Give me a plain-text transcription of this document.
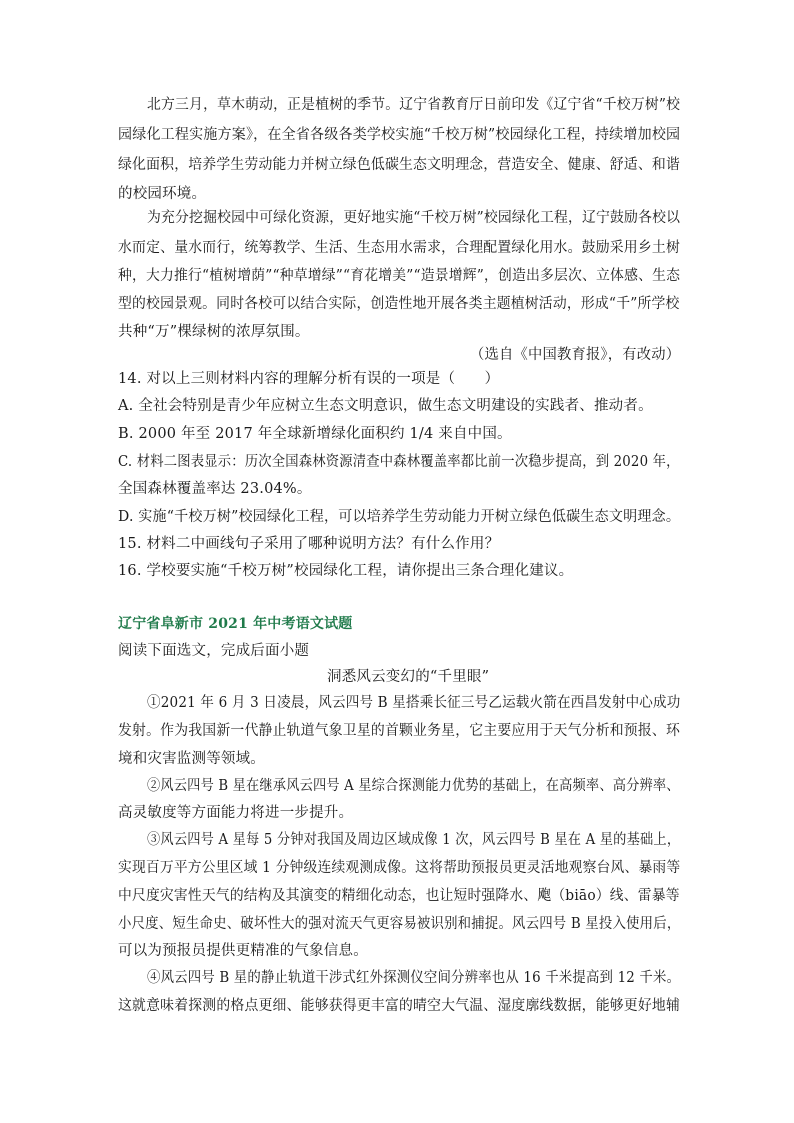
北方三月，草木萌动，正是植树的季节。辽宁省教育厅日前印发《辽宁省“千校万树”校
园绿化工程实施方案》，在全省各级各类学校实施“千校万树”校园绿化工程，持续增加校园
绿化面积，培养学生劳动能力并树立绿色低碳生态文明理念，营造安全、健康、舒适、和谐
的校园环境。
为充分挖掘校园中可绿化资源，更好地实施“千校万树”校园绿化工程，辽宁鼓励各校以
水而定、量水而行，统筹教学、生活、生态用水需求，合理配置绿化用水。鼓励采用乡土树
种，大力推行“植树增荫”“种草增绿”“育花增美”“造景增辉”，创造出多层次、立体感、生态
型的校园景观。同时各校可以结合实际，创造性地开展各类主题植树活动，形成“千”所学校
共种“万”棵绿树的浓厚氛围。
（选自《中国教育报》，有改动）
14. 对以上三则材料内容的理解分析有误的一项是（　　）
A. 全社会特别是青少年应树立生态文明意识，做生态文明建设的实践者、推动者。
B. 2000 年至 2017 年全球新增绿化面积约 1/4 来自中国。
C. 材料二图表显示：历次全国森林资源清查中森林覆盖率都比前一次稳步提高，到 2020 年，
全国森林覆盖率达 23.04%。
D. 实施“千校万树”校园绿化工程，可以培养学生劳动能力开树立绿色低碳生态文明理念。
15. 材料二中画线句子采用了哪种说明方法？有什么作用？
16. 学校要实施“千校万树”校园绿化工程，请你提出三条合理化建议。
辽宁省阜新市 2021 年中考语文试题
阅读下面选文，完成后面小题
洞悉风云变幻的“千里眼”
①2021 年 6 月 3 日凌晨，风云四号 B 星搭乘长征三号乙运载火箭在西昌发射中心成功
发射。作为我国新一代静止轨道气象卫星的首颗业务星，它主要应用于天气分析和预报、环
境和灾害监测等领域。
②风云四号 B 星在继承风云四号 A 星综合探测能力优势的基础上，在高频率、高分辨率、
高灵敏度等方面能力将进一步提升。
③风云四号 A 星每 5 分钟对我国及周边区域成像 1 次，风云四号 B 星在 A 星的基础上，
实现百万平方公里区域 1 分钟级连续观测成像。这将帮助预报员更灵活地观察台风、暴雨等
中尺度灾害性天气的结构及其演变的精细化动态，也让短时强降水、飑（biāo）线、雷暴等
小尺度、短生命史、破坏性大的强对流天气更容易被识别和捕捉。风云四号 B 星投入使用后，
可以为预报员提供更精准的气象信息。
④风云四号 B 星的静止轨道干涉式红外探测仪空间分辨率也从 16 千米提高到 12 千米。
这就意味着探测的格点更细、能够获得更丰富的晴空大气温、湿度廓线数据，能够更好地辅
